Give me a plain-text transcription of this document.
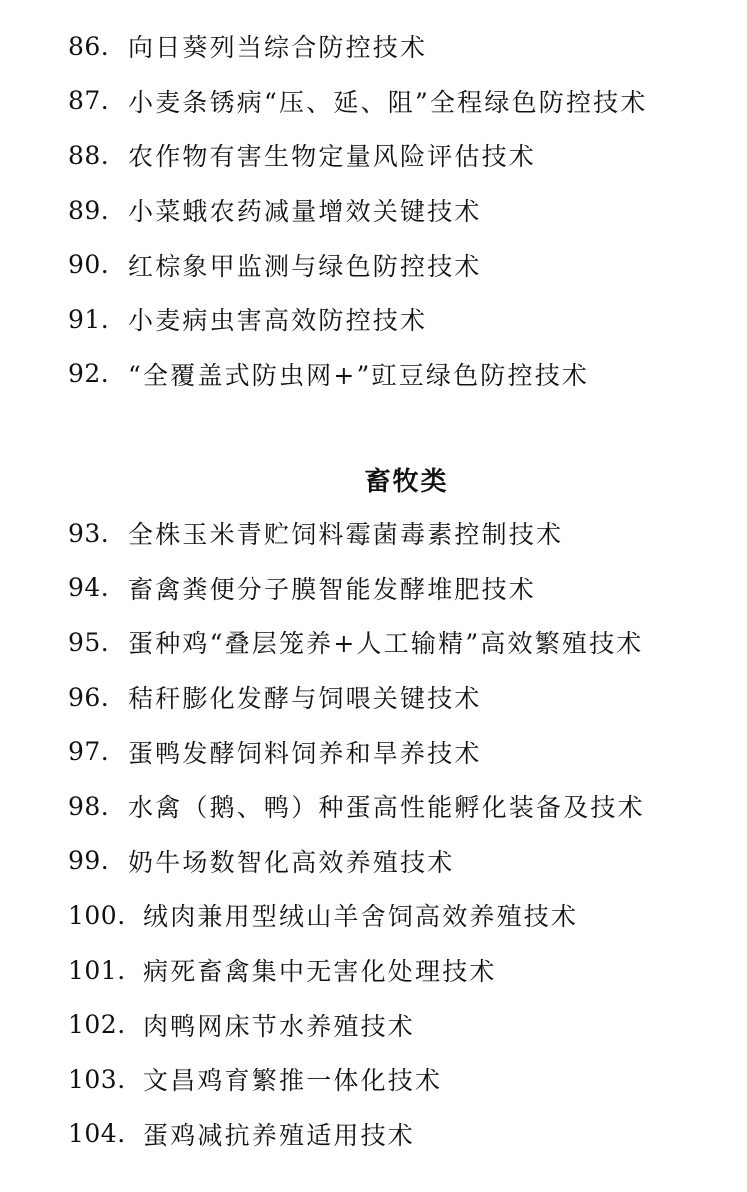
86. 向日葵列当综合防控技术
87. 小麦条锈病“压、延、阻”全程绿色防控技术
88. 农作物有害生物定量风险评估技术
89. 小菜蛾农药减量增效关键技术
90. 红棕象甲监测与绿色防控技术
91. 小麦病虫害高效防控技术
92. “全覆盖式防虫网+”豇豆绿色防控技术
畜牧类
93. 全株玉米青贮饲料霉菌毒素控制技术
94. 畜禽粪便分子膜智能发酵堆肥技术
95. 蛋种鸡“叠层笼养+人工输精”高效繁殖技术
96. 秸秆膨化发酵与饲喂关键技术
97. 蛋鸭发酵饲料饲养和旱养技术
98. 水禽（鹅、鸭）种蛋高性能孵化装备及技术
99. 奶牛场数智化高效养殖技术
100. 绒肉兼用型绒山羊舍饲高效养殖技术
101. 病死畜禽集中无害化处理技术
102. 肉鸭网床节水养殖技术
103. 文昌鸡育繁推一体化技术
104. 蛋鸡减抗养殖适用技术
